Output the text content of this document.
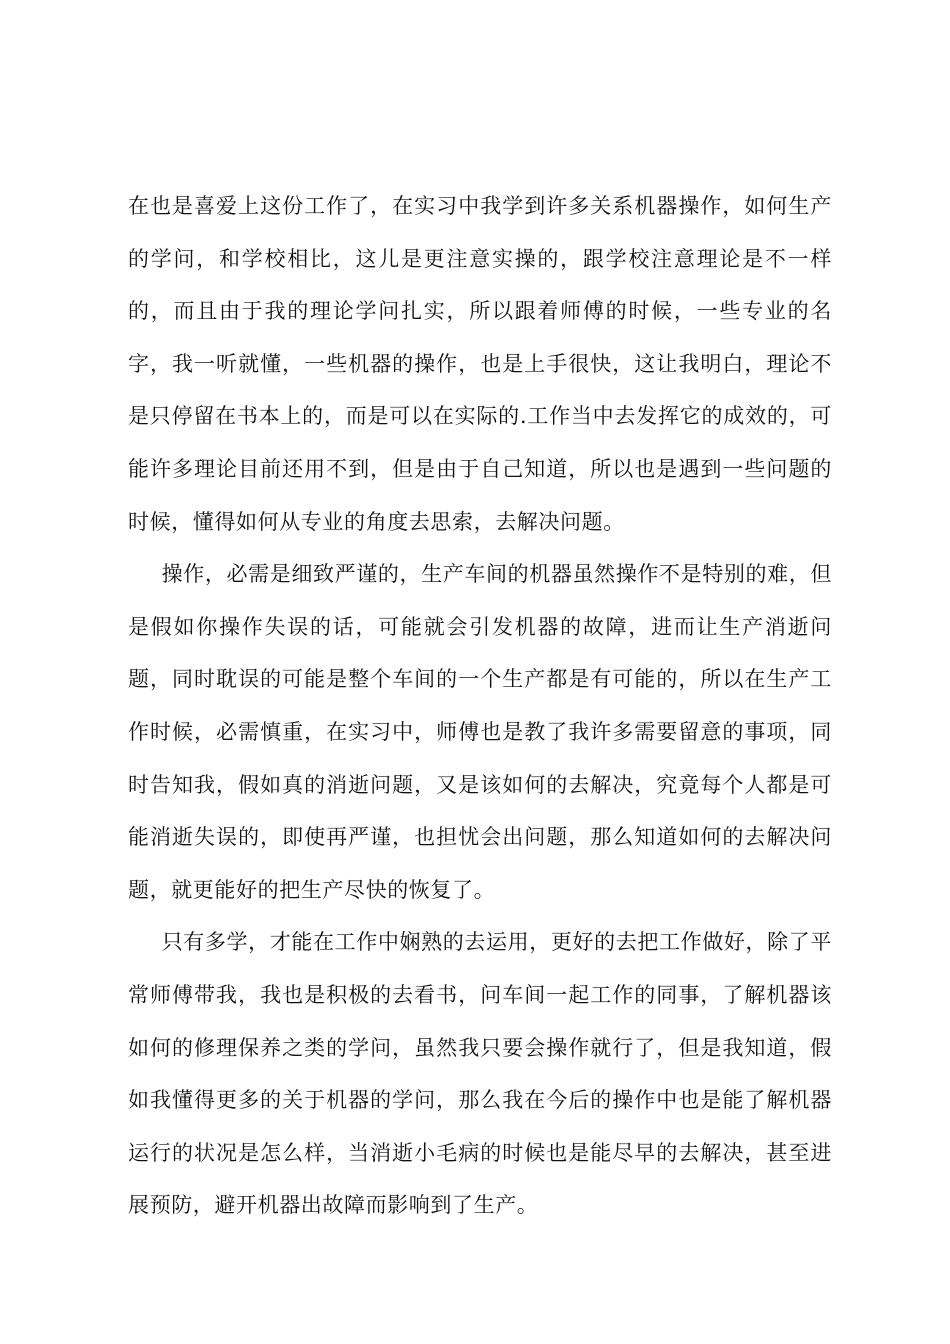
在也是喜爱上这份工作了，在实习中我学到许多关系机器操作，如何生产的学问，和学校相比，这儿是更注意实操的，跟学校注意理论是不一样的，而且由于我的理论学问扎实，所以跟着师傅的时候，一些专业的名字，我一听就懂，一些机器的操作，也是上手很快，这让我明白，理论不是只停留在书本上的，而是可以在实际的.工作当中去发挥它的成效的，可能许多理论目前还用不到，但是由于自己知道，所以也是遇到一些问题的时候，懂得如何从专业的角度去思索，去解决问题。

操作，必需是细致严谨的，生产车间的机器虽然操作不是特别的难，但是假如你操作失误的话，可能就会引发机器的故障，进而让生产消逝问题，同时耽误的可能是整个车间的一个生产都是有可能的，所以在生产工作时候，必需慎重，在实习中，师傅也是教了我许多需要留意的事项，同时告知我，假如真的消逝问题，又是该如何的去解决，究竟每个人都是可能消逝失误的，即使再严谨，也担忧会出问题，那么知道如何的去解决问题，就更能好的把生产尽快的恢复了。

只有多学，才能在工作中娴熟的去运用，更好的去把工作做好，除了平常师傅带我，我也是积极的去看书，问车间一起工作的同事，了解机器该如何的修理保养之类的学问，虽然我只要会操作就行了，但是我知道，假如我懂得更多的关于机器的学问，那么我在今后的操作中也是能了解机器运行的状况是怎么样，当消逝小毛病的时候也是能尽早的去解决，甚至进展预防，避开机器出故障而影响到了生产。
